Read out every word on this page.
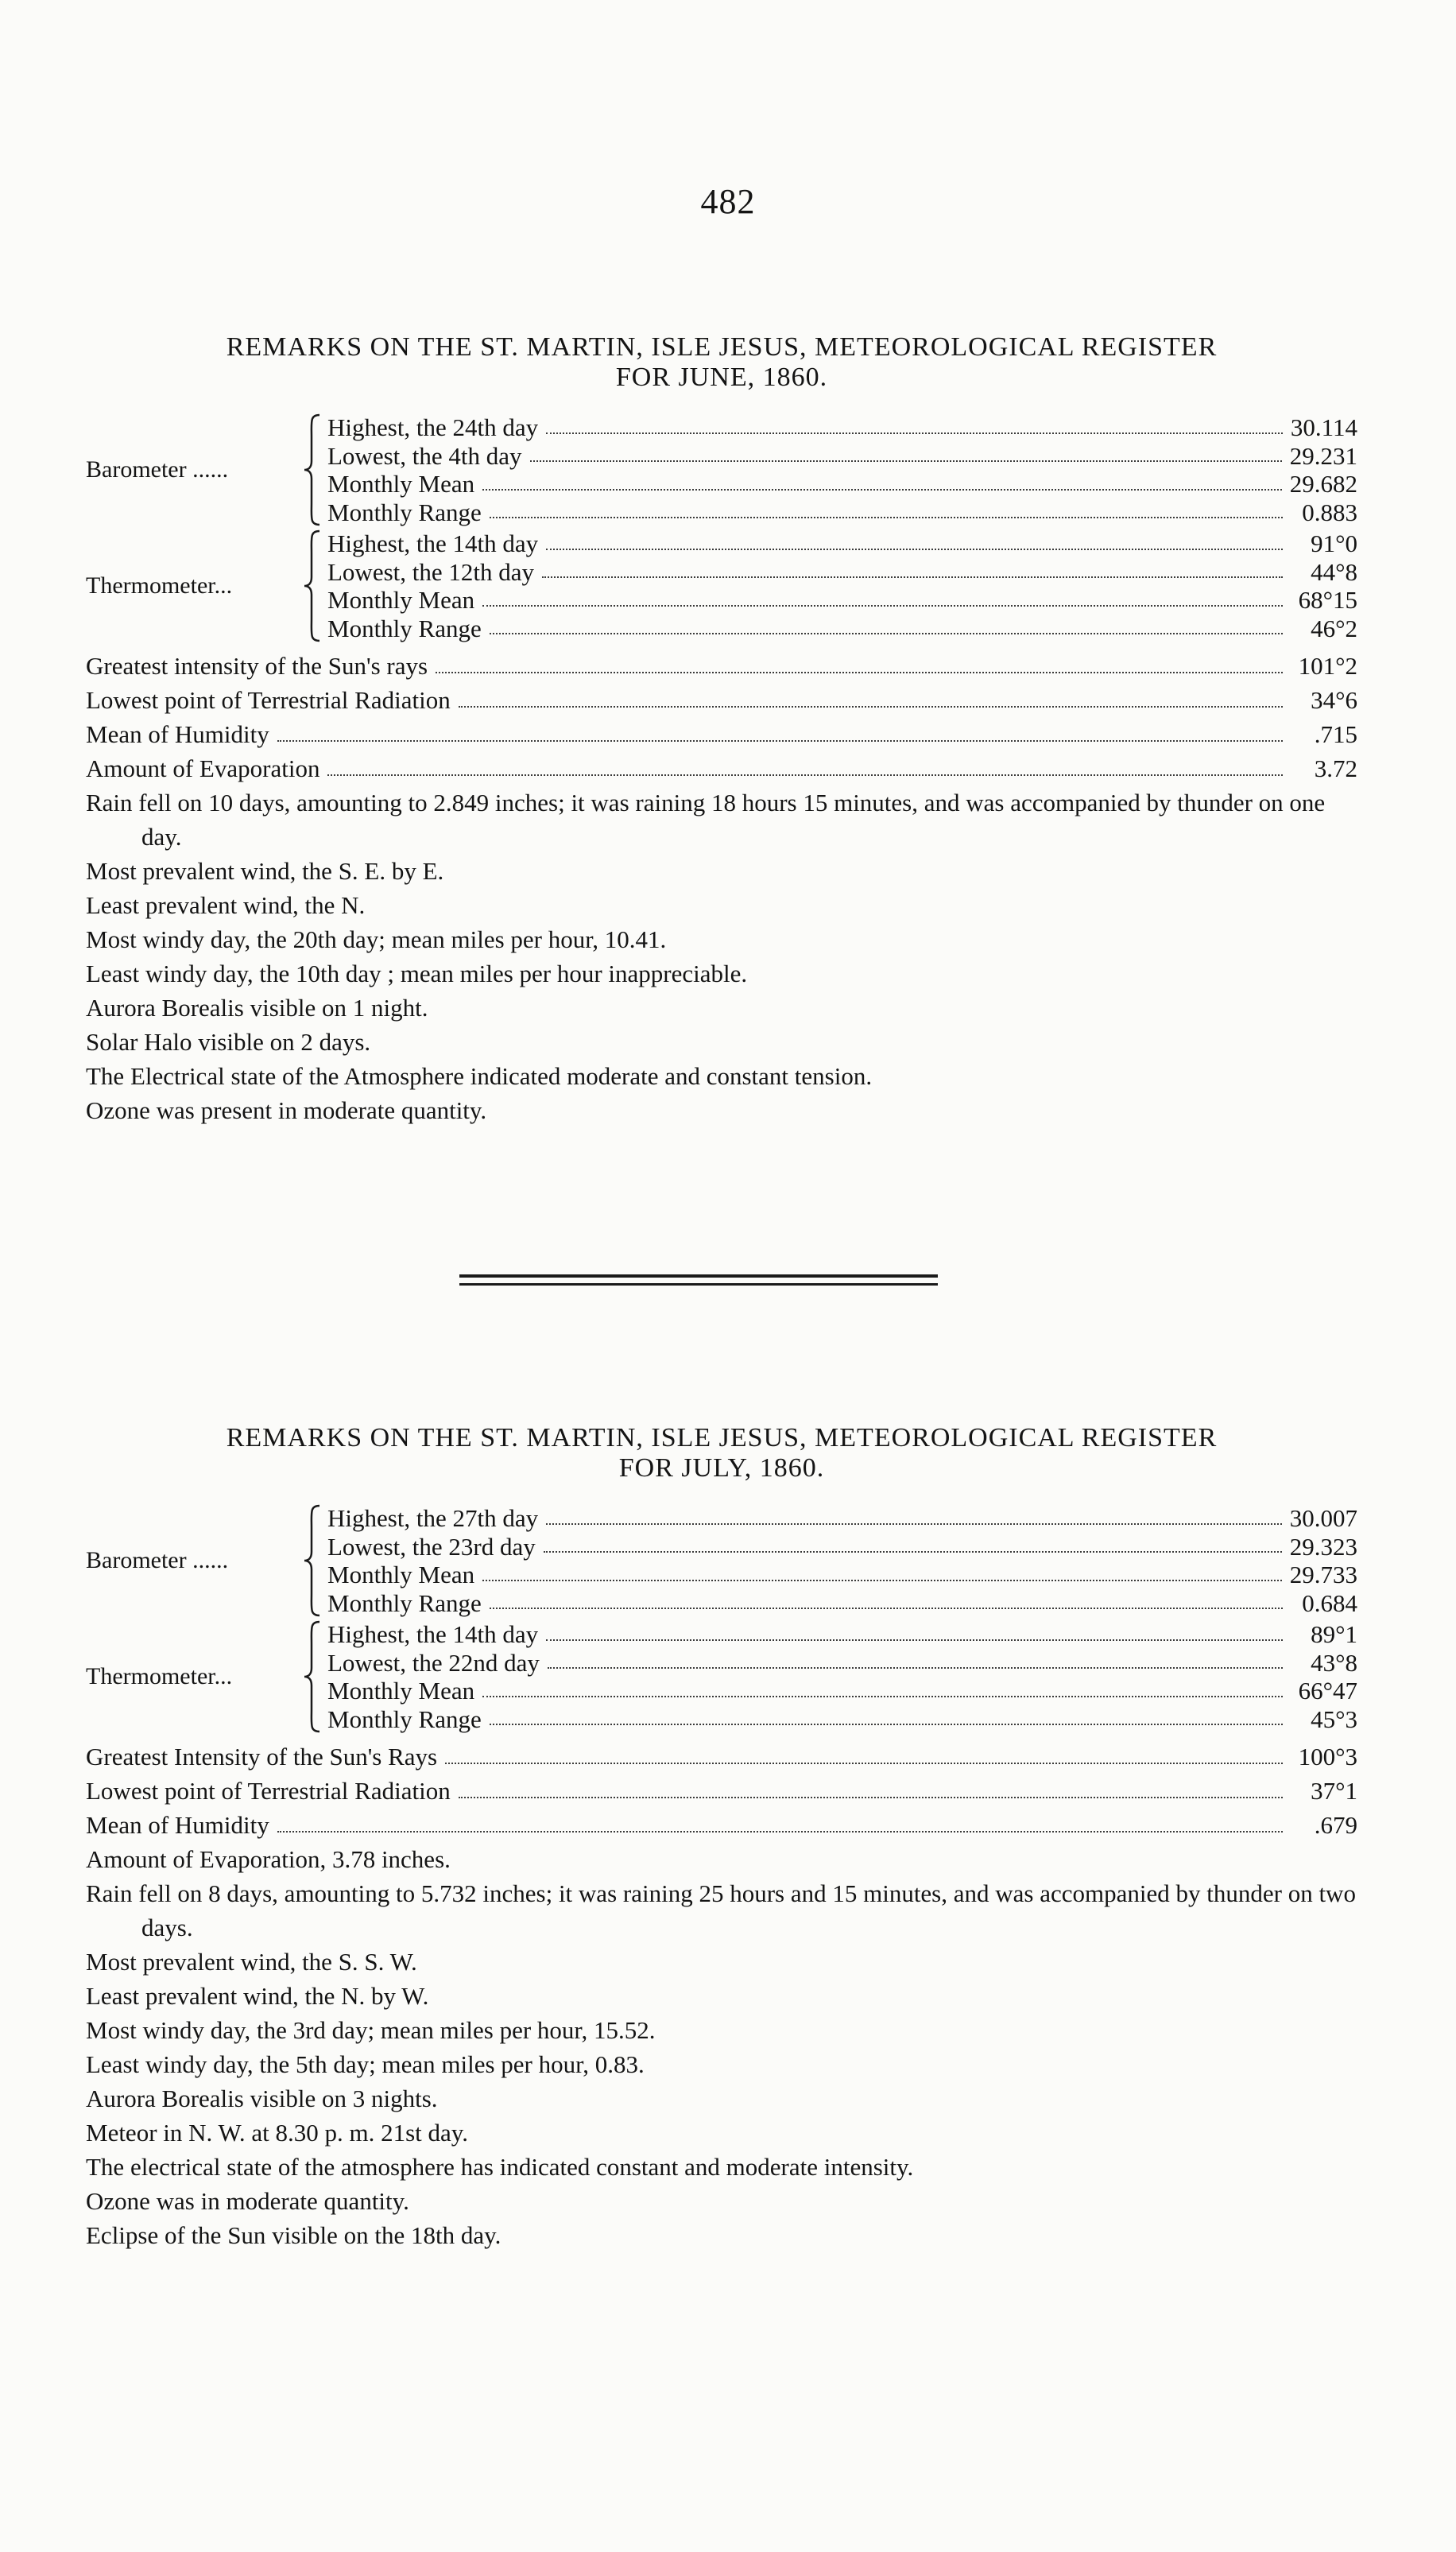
482
REMARKS ON THE ST. MARTIN, ISLE JESUS, METEOROLOGICAL REGISTER
FOR JUNE, 1860.
Barometer ......
Highest, the 24th day	30.114
Lowest, the 4th day	29.231
Monthly Mean	29.682
Monthly Range	0.883
Thermometer...
Highest, the 14th day	91°0
Lowest, the 12th day	44°8
Monthly Mean	68°15
Monthly Range	46°2
Greatest intensity of the Sun's rays	101°2
Lowest point of Terrestrial Radiation	34°6
Mean of Humidity	.715
Amount of Evaporation	3.72

Rain fell on 10 days, amounting to 2.849 inches; it was raining 18 hours 15 minutes, and was accompanied by thunder on one day.

Most prevalent wind, the S. E. by E.

Least prevalent wind, the N.

Most windy day, the 20th day; mean miles per hour, 10.41.

Least windy day, the 10th day ; mean miles per hour inappreciable.

Aurora Borealis visible on 1 night.

Solar Halo visible on 2 days.

The Electrical state of the Atmosphere indicated moderate and constant tension.

Ozone was present in moderate quantity.

REMARKS ON THE ST. MARTIN, ISLE JESUS, METEOROLOGICAL REGISTER
FOR JULY, 1860.
Barometer ......
Highest, the 27th day	30.007
Lowest, the 23rd day	29.323
Monthly Mean	29.733
Monthly Range	0.684
Thermometer...
Highest, the 14th day	89°1
Lowest, the 22nd day	43°8
Monthly Mean	66°47
Monthly Range	45°3
Greatest Intensity of the Sun's Rays	100°3
Lowest point of Terrestrial Radiation	37°1
Mean of Humidity	.679

Amount of Evaporation, 3.78 inches.

Rain fell on 8 days, amounting to 5.732 inches; it was raining 25 hours and 15 minutes, and was accompanied by thunder on two days.

Most prevalent wind, the S. S. W.

Least prevalent wind, the N. by W.

Most windy day, the 3rd day; mean miles per hour, 15.52.

Least windy day, the 5th day; mean miles per hour, 0.83.

Aurora Borealis visible on 3 nights.

Meteor in N. W. at 8.30 p. m. 21st day.

The electrical state of the atmosphere has indicated constant and moderate intensity.

Ozone was in moderate quantity.

Eclipse of the Sun visible on the 18th day.
